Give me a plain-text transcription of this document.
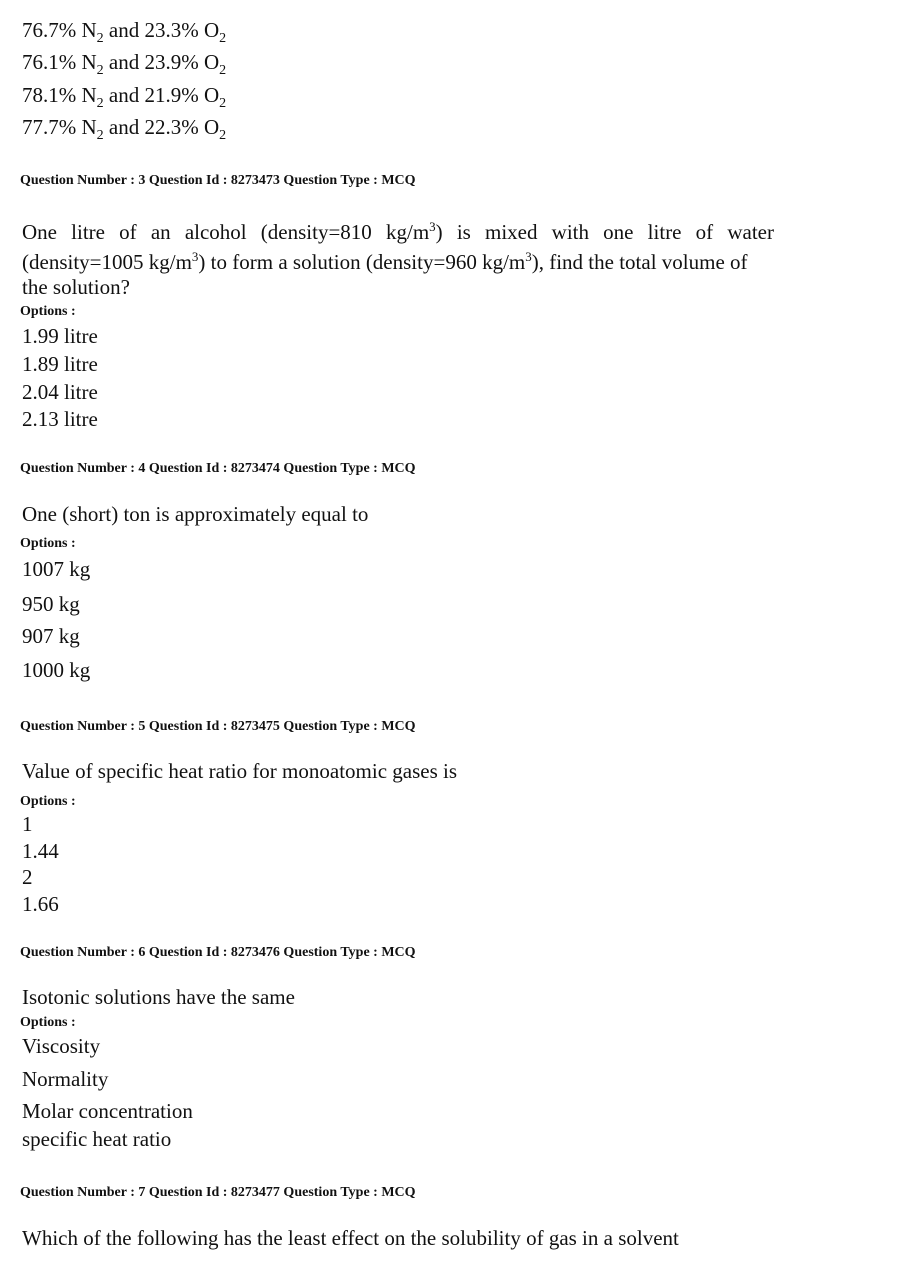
76.7% $N_2$ and 23.3% $O_2$
76.1% $N_2$ and 23.9% $O_2$
78.1% $N_2$ and 21.9% $O_2$
77.7% $N_2$ and 22.3% $O_2$
Question Number : 3 Question Id : 8273473 Question Type : MCQ
One litre of an alcohol (density=810 $kg/m^3$) is mixed with one litre of water
(density=1005 $kg/m^3$) to form a solution (density=960 $kg/m^3$), find the total volume of
the solution?
Options :
1.99 litre
1.89 litre
2.04 litre
2.13 litre
Question Number : 4 Question Id : 8273474 Question Type : MCQ
One (short) ton is approximately equal to
Options :
1007 kg
950 kg
907 kg
1000 kg
Question Number : 5 Question Id : 8273475 Question Type : MCQ
Value of specific heat ratio for monoatomic gases is
Options :
1
1.44
2
1.66
Question Number : 6 Question Id : 8273476 Question Type : MCQ
Isotonic solutions have the same
Options :
Viscosity
Normality
Molar concentration
specific heat ratio
Question Number : 7 Question Id : 8273477 Question Type : MCQ
Which of the following has the least effect on the solubility of gas in a solvent
